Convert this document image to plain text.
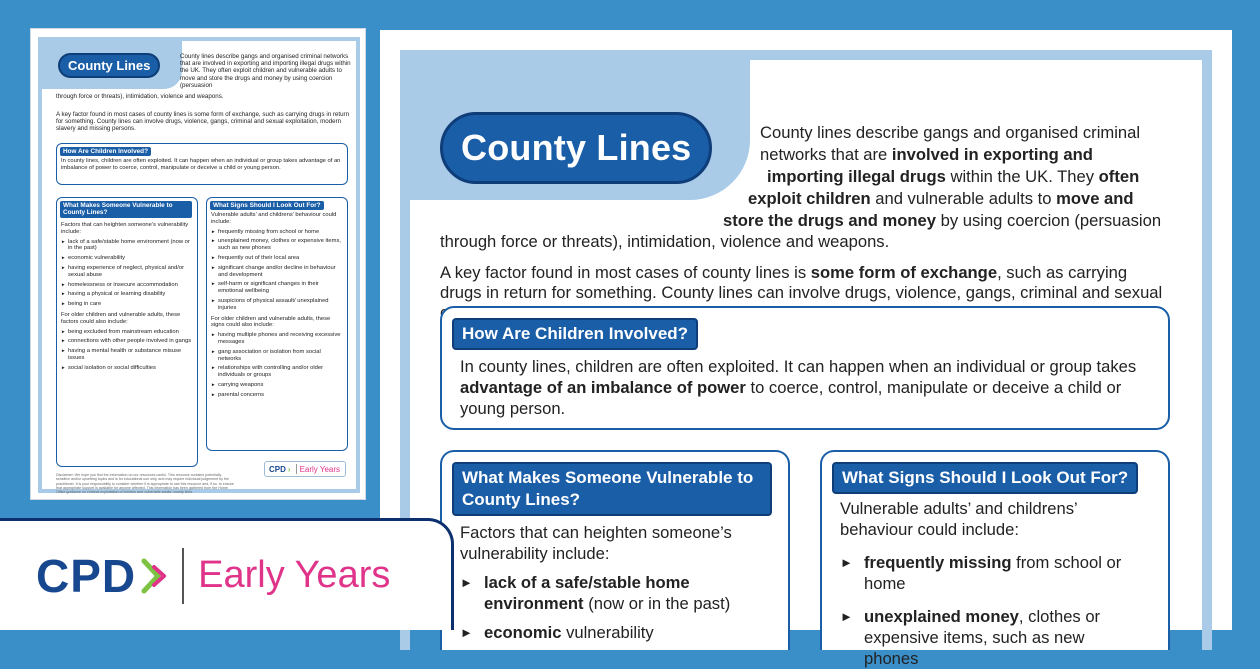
County Lines
County lines describe gangs and organised criminal networks that are involved in exporting and importing illegal drugs within the UK. They often exploit children and vulnerable adults to move and store the drugs and money by using coercion (persuasion
through force or threats), intimidation, violence and weapons.
A key factor found in most cases of county lines is some form of exchange, such as carrying drugs in return for something. County lines can involve drugs, violence, gangs, criminal and sexual exploitation, modern slavery and missing persons.
How Are Children Involved?
In county lines, children are often exploited. It can happen when an individual or group takes advantage of an imbalance of power to coerce, control, manipulate or deceive a child or young person.
What Makes Someone Vulnerable to County Lines?
Factors that can heighten someone’s vulnerability include:
► lack of a safe/stable home environment (now or in the past)
► economic vulnerability
► having experience of neglect, physical and/or sexual abuse
► homelessness or insecure accommodation
► having a physical or learning disability
► being in care
For older children and vulnerable adults, these factors could also include:
► being excluded from mainstream education
► connections with other people involved in gangs
► having a mental health or substance misuse issues
► social isolation or social difficulties
What Signs Should I Look Out For?
Vulnerable adults’ and childrens’ behaviour could include:
► frequently missing from school or home
► unexplained money, clothes or expensive items, such as new phones
► frequently out of their local area
► significant change and/or decline in behaviour and development
► self-harm or significant changes in their emotional wellbeing
► suspicions of physical assault/ unexplained injuries
For older children and vulnerable adults, these signs could also include:
► having multiple phones and receiving excessive messages
► gang association or isolation from social networks
► relationships with controlling and/or older individuals or groups
► carrying weapons
► parental concerns
Disclaimer: We hope you find the information on our resources useful. This resource contains potentially sensitive and/or upsetting topics and is for educational use only, and may require individual judgement by the practitioner. It is your responsibility to consider whether it is appropriate to use this resource and, if so, to ensure that appropriate support is available for anyone affected. This information has been gathered from the Home Office guidance on criminal exploitation of children and vulnerable adults: county lines.
CPD › Early Years
County Lines	County lines describe gangs and organised criminal
networks that are involved in exporting and
importing illegal drugs within the UK. They often
exploit children and vulnerable adults to move and
store the drugs and money by using coercion (persuasion
through force or threats), intimidation, violence and weapons.
A key factor found in most cases of county lines is some form of exchange, such as carrying drugs in return for something. County lines can involve drugs, violence, gangs, criminal and sexual
How Are Children Involved?
In county lines, children are often exploited. It can happen when an individual or group takes advantage of an imbalance of power to coerce, control, manipulate or deceive a child or young person.
What Makes Someone Vulnerable to
County Lines?
Factors that can heighten someone’s vulnerability include:
► lack of a safe/stable home environment (now or in the past)
► economic vulnerability
What Signs Should I Look Out For?
Vulnerable adults’ and childrens’ behaviour could include:
► frequently missing from school or home
► unexplained money, clothes or expensive items, such as new phones
CPD Early Years
